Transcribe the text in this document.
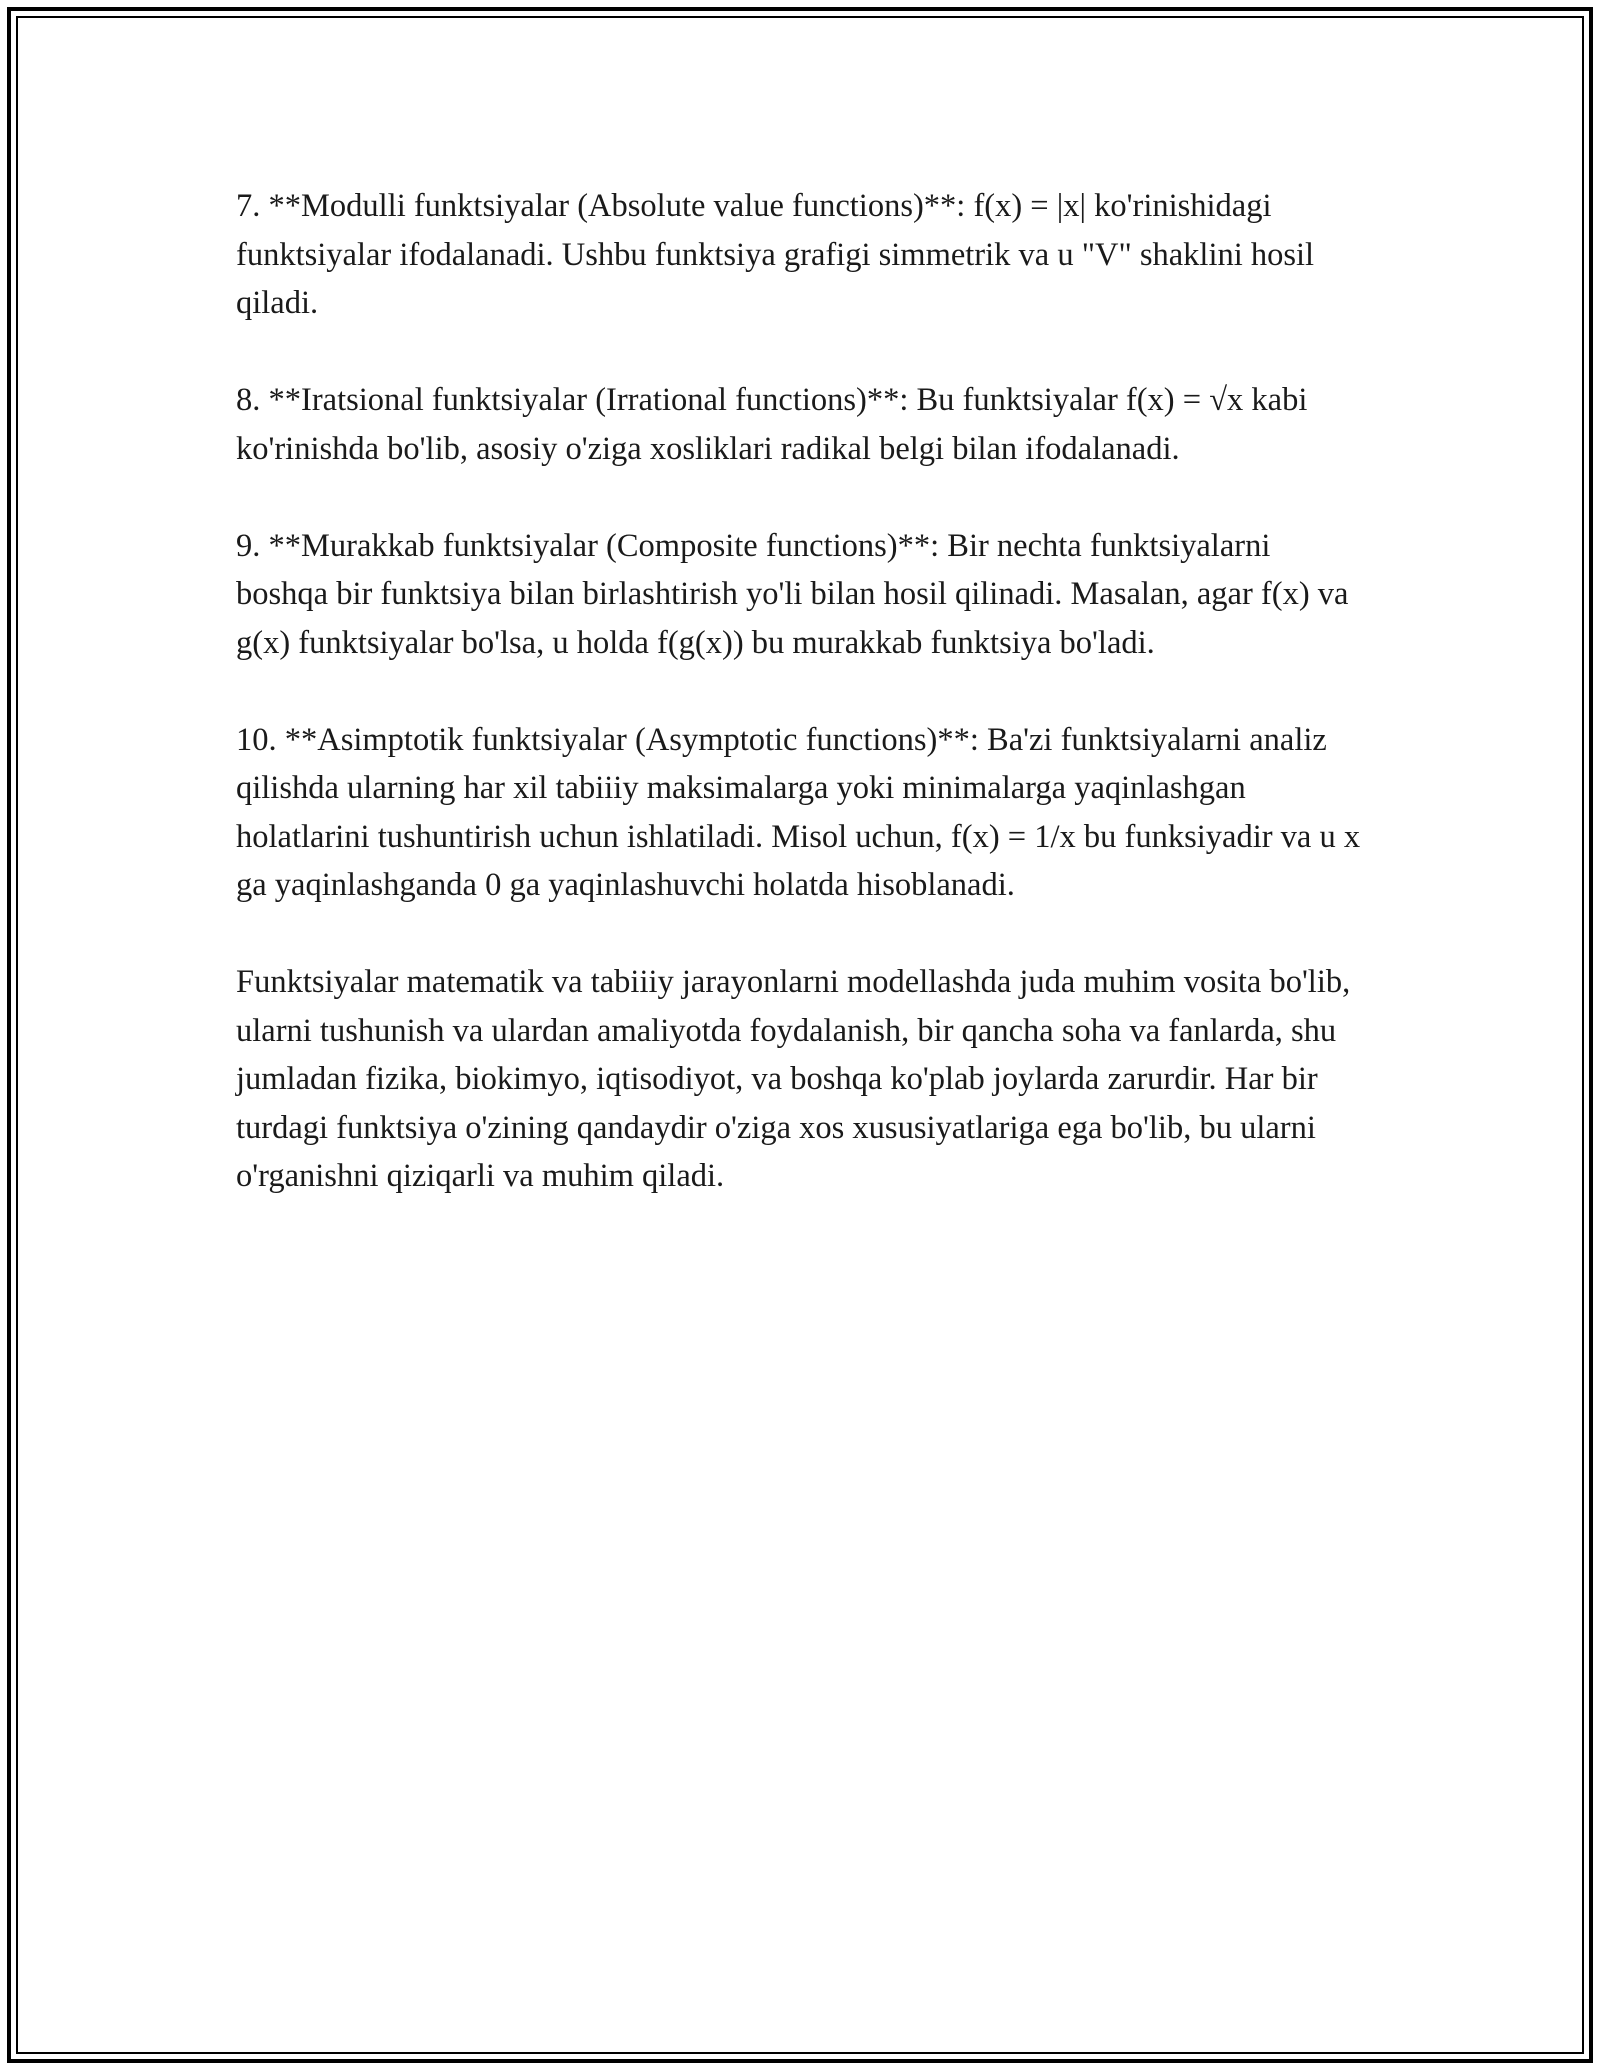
7. **Modulli funktsiyalar (Absolute value functions)**: f(x) = |x| ko'rinishidagi funktsiyalar ifodalanadi. Ushbu funktsiya grafigi simmetrik va u "V" shaklini hosil qiladi.

8. **Iratsional funktsiyalar (Irrational functions)**: Bu funktsiyalar f(x) = √x kabi ko'rinishda bo'lib, asosiy o'ziga xosliklari radikal belgi bilan ifodalanadi.

9. **Murakkab funktsiyalar (Composite functions)**: Bir nechta funktsiyalarni boshqa bir funktsiya bilan birlashtirish yo'li bilan hosil qilinadi. Masalan, agar f(x) va g(x) funktsiyalar bo'lsa, u holda f(g(x)) bu murakkab funktsiya bo'ladi.

10. **Asimptotik funktsiyalar (Asymptotic functions)**: Ba'zi funktsiyalarni analiz qilishda ularning har xil tabiiiy maksimalarga yoki minimalarga yaqinlashgan holatlarini tushuntirish uchun ishlatiladi. Misol uchun, f(x) = 1/x bu funksiyadir va u x ga yaqinlashganda 0 ga yaqinlashuvchi holatda hisoblanadi.

Funktsiyalar matematik va tabiiiy jarayonlarni modellashda juda muhim vosita bo'lib, ularni tushunish va ulardan amaliyotda foydalanish, bir qancha soha va fanlarda, shu jumladan fizika, biokimyo, iqtisodiyot, va boshqa ko'plab joylarda zarurdir. Har bir turdagi funktsiya o'zining qandaydir o'ziga xos xususiyatlariga ega bo'lib, bu ularni o'rganishni qiziqarli va muhim qiladi.
